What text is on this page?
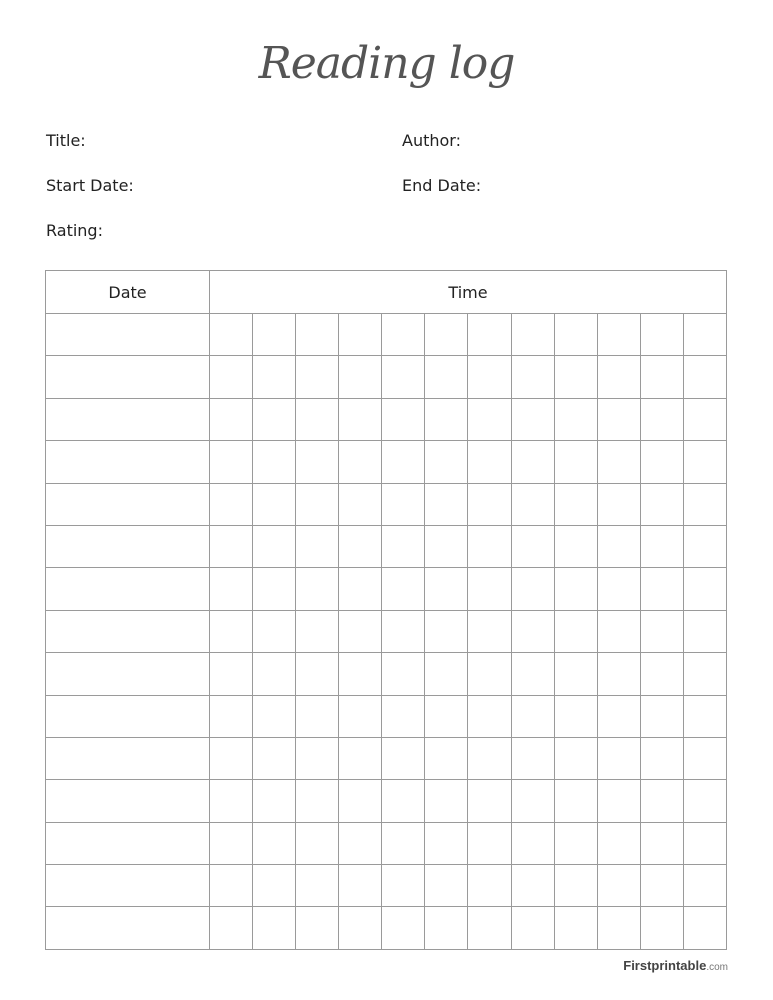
Reading log
Title:	Author:
Start Date:	End Date:
Rating:
Date	Time											

Firstprintable.com
